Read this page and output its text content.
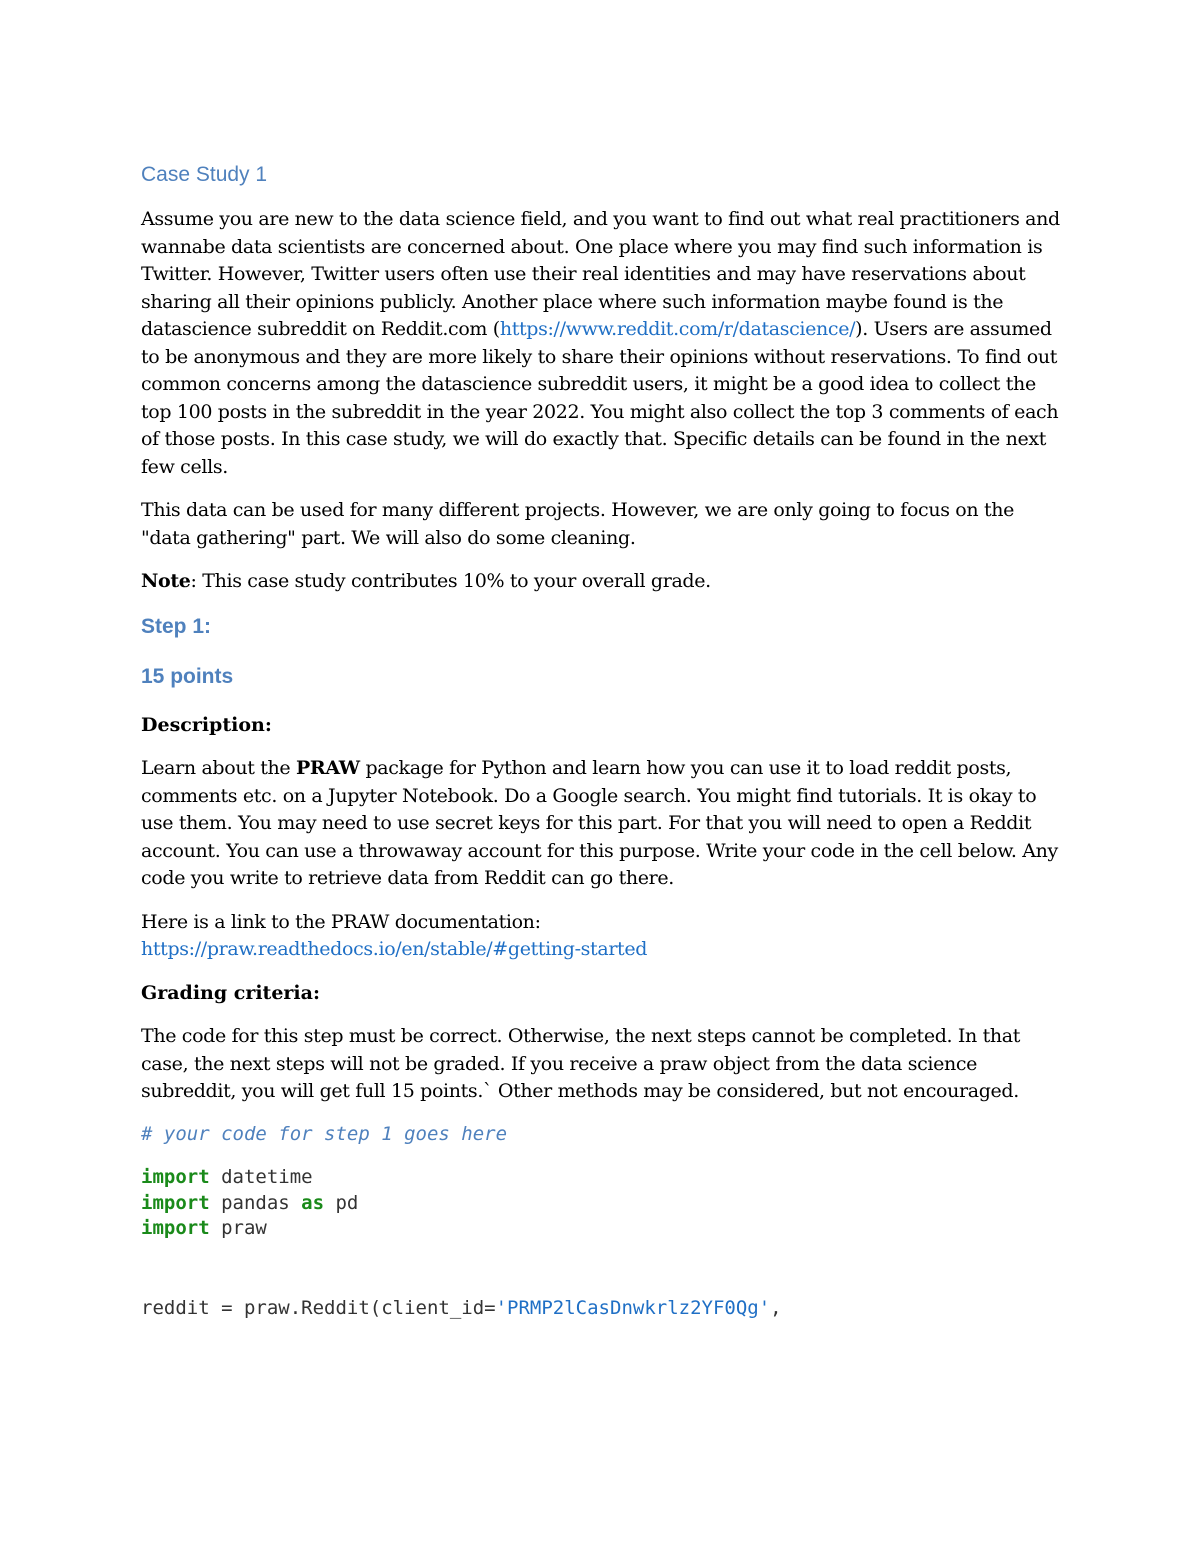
Case Study 1

Assume you are new to the data science field, and you want to find out what real practitioners and wannabe data scientists are concerned about. One place where you may find such information is Twitter. However, Twitter users often use their real identities and may have reservations about sharing all their opinions publicly. Another place where such information maybe found is the datascience subreddit on Reddit.com (https://www.reddit.com/r/datascience/). Users are assumed to be anonymous and they are more likely to share their opinions without reservations. To find out common concerns among the datascience subreddit users, it might be a good idea to collect the top 100 posts in the subreddit in the year 2022. You might also collect the top 3 comments of each of those posts. In this case study, we will do exactly that. Specific details can be found in the next few cells.

This data can be used for many different projects. However, we are only going to focus on the "data gathering" part. We will also do some cleaning.

Note: This case study contributes 10% to your overall grade.

Step 1:
15 points

Description:

Learn about the PRAW package for Python and learn how you can use it to load reddit posts, comments etc. on a Jupyter Notebook. Do a Google search. You might find tutorials. It is okay to use them. You may need to use secret keys for this part. For that you will need to open a Reddit account. You can use a throwaway account for this purpose. Write your code in the cell below. Any code you write to retrieve data from Reddit can go there.

Here is a link to the PRAW documentation:
https://praw.readthedocs.io/en/stable/#getting-started

Grading criteria:

The code for this step must be correct. Otherwise, the next steps cannot be completed. In that case, the next steps will not be graded. If you receive a praw object from the data science subreddit, you will get full 15 points.` Other methods may be considered, but not encouraged.

# your code for step 1 goes here
import datetime
import pandas as pd
import praw
reddit = praw.Reddit(client_id='PRMP2lCasDnwkrlz2YF0Qg',
